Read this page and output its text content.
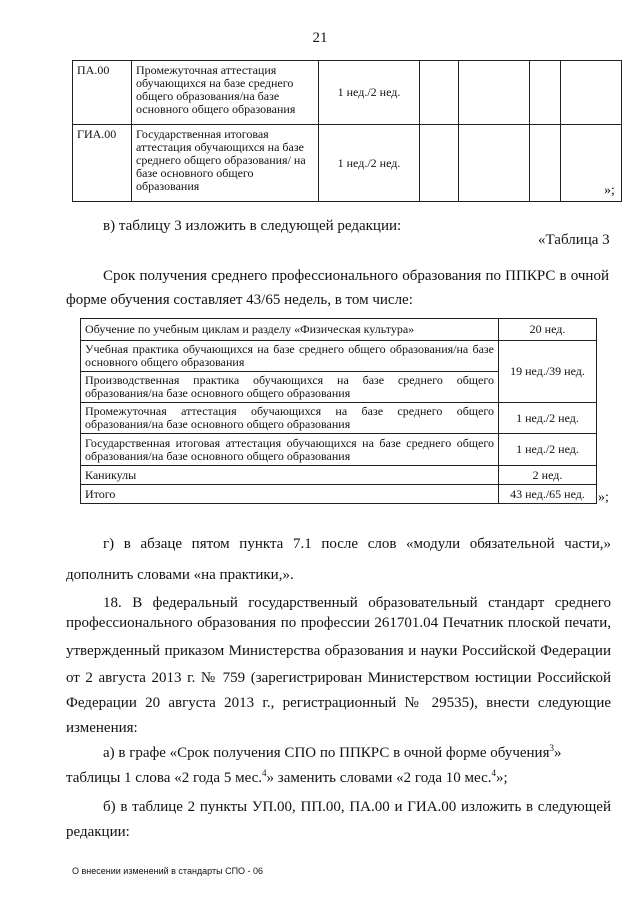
21
ПА.00	Промежуточная аттестация обучающихся на базе среднего общего образования/на базе основного общего образования	1 нед./2 нед.				
ГИА.00	Государственная итоговая аттестация обучающихся на базе среднего общего образования/ на базе основного общего образования	1 нед./2 нед.				
»;
в) таблицу 3 изложить в следующей редакции:
«Таблица 3
Срок получения среднего профессионального образования по ППКРС в очной
форме обучения составляет 43/65 недель, в том числе:
Обучение по учебным циклам и разделу «Физическая культура»	20 нед.
Учебная практика обучающихся на базе среднего общего образования/на базе основного общего образования	19 нед./39 нед.
Производственная практика обучающихся на базе среднего общего образования/на базе основного общего образования	
Промежуточная аттестация обучающихся на базе среднего общего образования/на базе основного общего образования	1 нед./2 нед.
Государственная итоговая аттестация обучающихся на базе среднего общего образования/на базе основного общего образования	1 нед./2 нед.
Каникулы	2 нед.
Итого	43 нед./65 нед. »;
г) в абзаце пятом пункта 7.1 после слов «модули обязательной части,»
дополнить словами «на практики,».
18. В федеральный государственный образовательный стандарт среднего
профессионального образования по профессии 261701.04 Печатник плоской печати,
утвержденный приказом Министерства образования и науки Российской Федерации
от 2 августа 2013 г. № 759 (зарегистрирован Министерством юстиции Российской
Федерации 20 августа 2013 г., регистрационный № 29535), внести следующие
изменения:
а) в графе «Срок получения СПО по ППКРС в очной форме обучения$^3$»
таблицы 1 слова «2 года 5 мес.$^4$» заменить словами «2 года 10 мес.$^4$»;
б) в таблице 2 пункты УП.00, ПП.00, ПА.00 и ГИА.00 изложить в следующей
редакции:
О внесении изменений в стандарты СПО - 06
